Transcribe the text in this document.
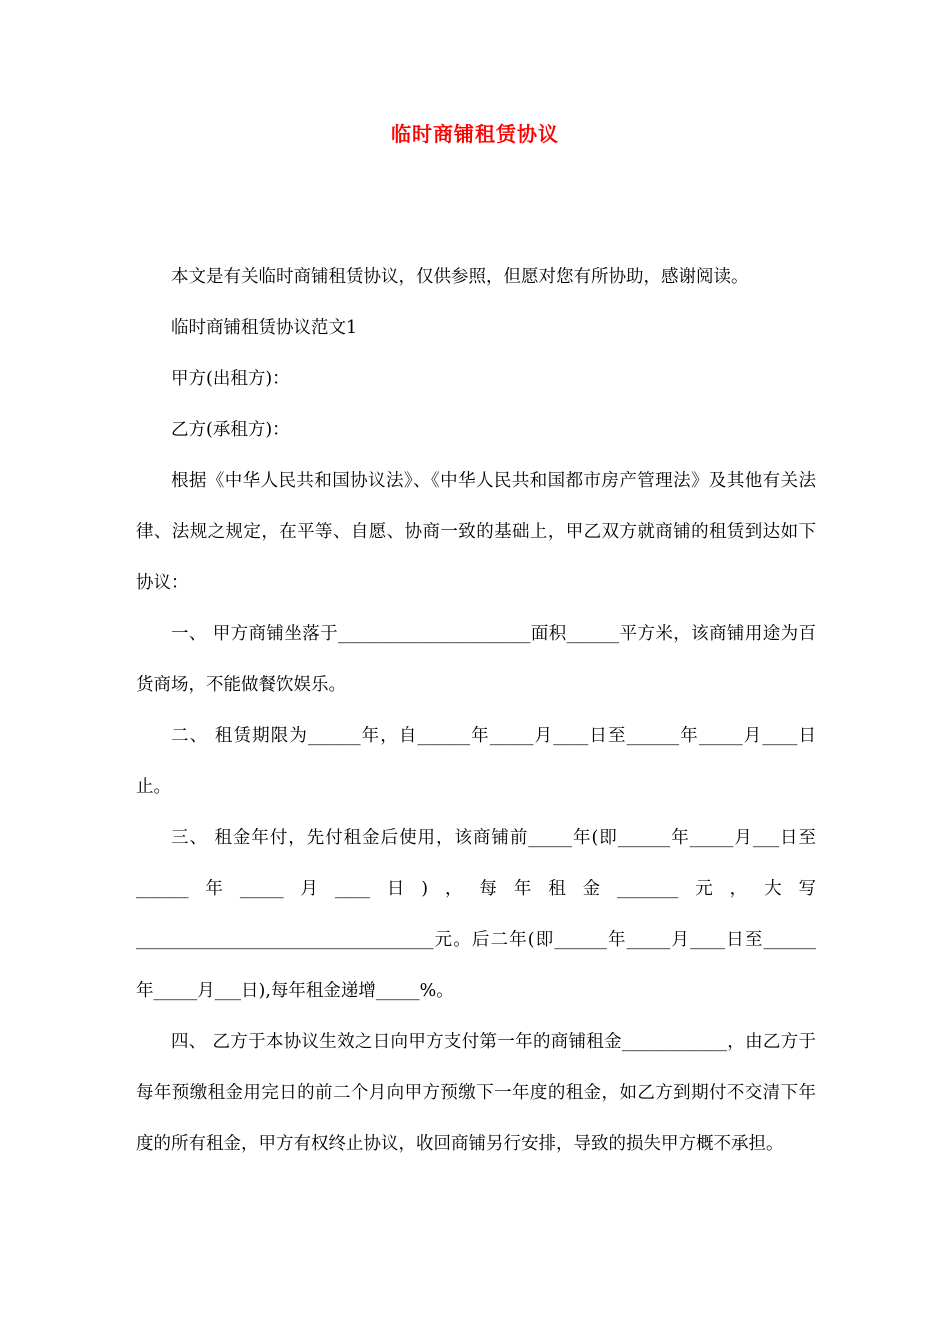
临时商铺租赁协议

本文是有关临时商铺租赁协议，仅供参照，但愿对您有所协助，感谢阅读。

临时商铺租赁协议范文1

甲方(出租方)：

乙方(承租方)：

根据《中华人民共和国协议法》、《中华人民共和国都市房产管理法》及其他有关法律、法规之规定，在平等、自愿、协商一致的基础上，甲乙双方就商铺的租赁到达如下协议：

一、 甲方商铺坐落于______________________面积______平方米，该商铺用途为百货商场，不能做餐饮娱乐。

二、 租赁期限为______年，自______年_____月____日至______年_____月____日止。

三、 租金年付，先付租金后使用，该商铺前_____年(即______年_____月___日至______年_____月____日)，每年租金_______元，大写__________________________________元。后二年(即______年_____月____日至______年_____月___日),每年租金递增_____%。

四、 乙方于本协议生效之日向甲方支付第一年的商铺租金____________，由乙方于每年预缴租金用完日的前二个月向甲方预缴下一年度的租金，如乙方到期付不交清下年度的所有租金，甲方有权终止协议，收回商铺另行安排，导致的损失甲方概不承担。
